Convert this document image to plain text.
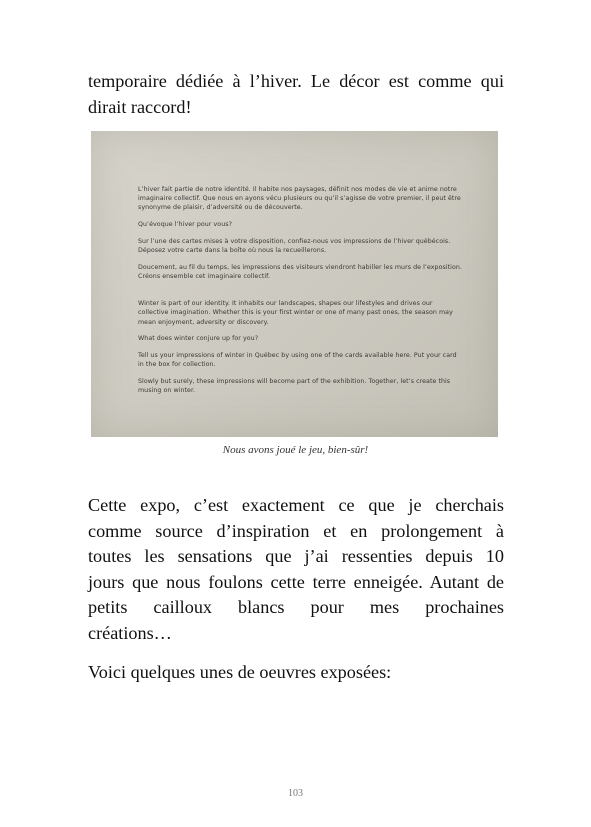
temporaire dédiée à l’hiver. Le décor est comme qui
dirait raccord!

L’hiver fait partie de notre identité. Il habite nos paysages, définit nos modes de vie et anime notre imaginaire collectif. Que nous en ayons vécu plusieurs ou qu’il s’agisse de votre premier, il peut être synonyme de plaisir, d’adversité ou de découverte.

Qu’évoque l’hiver pour vous?

Sur l’une des cartes mises à votre disposition, confiez-nous vos impressions de l’hiver québécois. Déposez votre carte dans la boîte où nous la recueillerons.

Doucement, au fil du temps, les impressions des visiteurs viendront habiller les murs de l’exposition. Créons ensemble cet imaginaire collectif.

Winter is part of our identity. It inhabits our landscapes, shapes our lifestyles and drives our collective imagination. Whether this is your first winter or one of many past ones, the season may mean enjoyment, adversity or discovery.

What does winter conjure up for you?

Tell us your impressions of winter in Québec by using one of the cards available here. Put your card in the box for collection.

Slowly but surely, these impressions will become part of the exhibition. Together, let’s create this musing on winter.

Nous avons joué le jeu, bien-sûr!
Cette expo, c’est exactement ce que je cherchais
comme source d’inspiration et en prolongement à
toutes les sensations que j’ai ressenties depuis 10
jours que nous foulons cette terre enneigée. Autant de
petits cailloux blancs pour mes prochaines
créations…
Voici quelques unes de oeuvres exposées:
103
